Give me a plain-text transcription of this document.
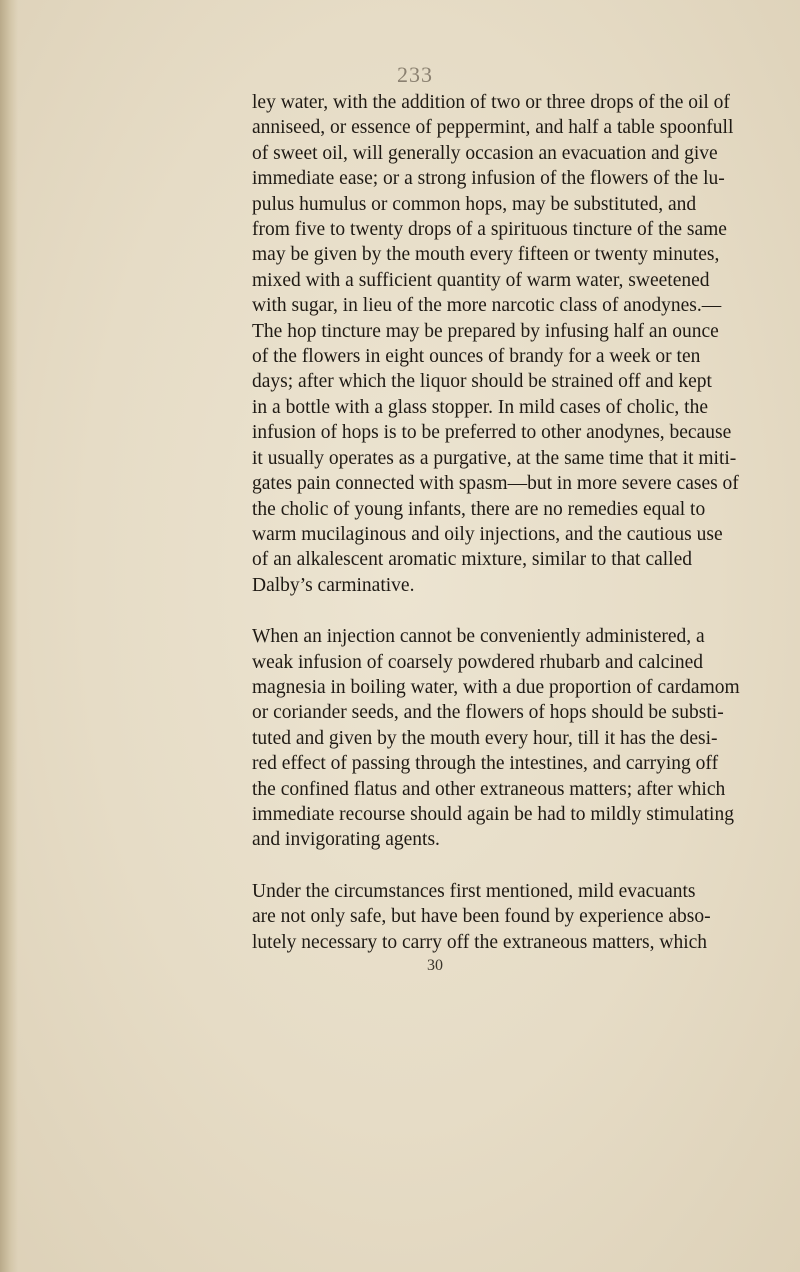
233
ley water, with the addition of two or three drops of the oil of
anniseed, or essence of peppermint, and half a table spoonfull
of sweet oil, will generally occasion an evacuation and give
immediate ease; or a strong infusion of the flowers of the lu-
pulus humulus or common hops, may be substituted, and
from five to twenty drops of a spirituous tincture of the same
may be given by the mouth every fifteen or twenty minutes,
mixed with a sufficient quantity of warm water, sweetened
with sugar, in lieu of the more narcotic class of anodynes.—
The hop tincture may be prepared by infusing half an ounce
of the flowers in eight ounces of brandy for a week or ten
days; after which the liquor should be strained off and kept
in a bottle with a glass stopper. In mild cases of cholic, the
infusion of hops is to be preferred to other anodynes, because
it usually operates as a purgative, at the same time that it miti-
gates pain connected with spasm—but in more severe cases of
the cholic of young infants, there are no remedies equal to
warm mucilaginous and oily injections, and the cautious use
of an alkalescent aromatic mixture, similar to that called
Dalby’s carminative.
When an injection cannot be conveniently administered, a
weak infusion of coarsely powdered rhubarb and calcined
magnesia in boiling water, with a due proportion of cardamom
or coriander seeds, and the flowers of hops should be substi-
tuted and given by the mouth every hour, till it has the desi-
red effect of passing through the intestines, and carrying off
the confined flatus and other extraneous matters; after which
immediate recourse should again be had to mildly stimulating
and invigorating agents.
Under the circumstances first mentioned, mild evacuants
are not only safe, but have been found by experience abso-
lutely necessary to carry off the extraneous matters, which
30
